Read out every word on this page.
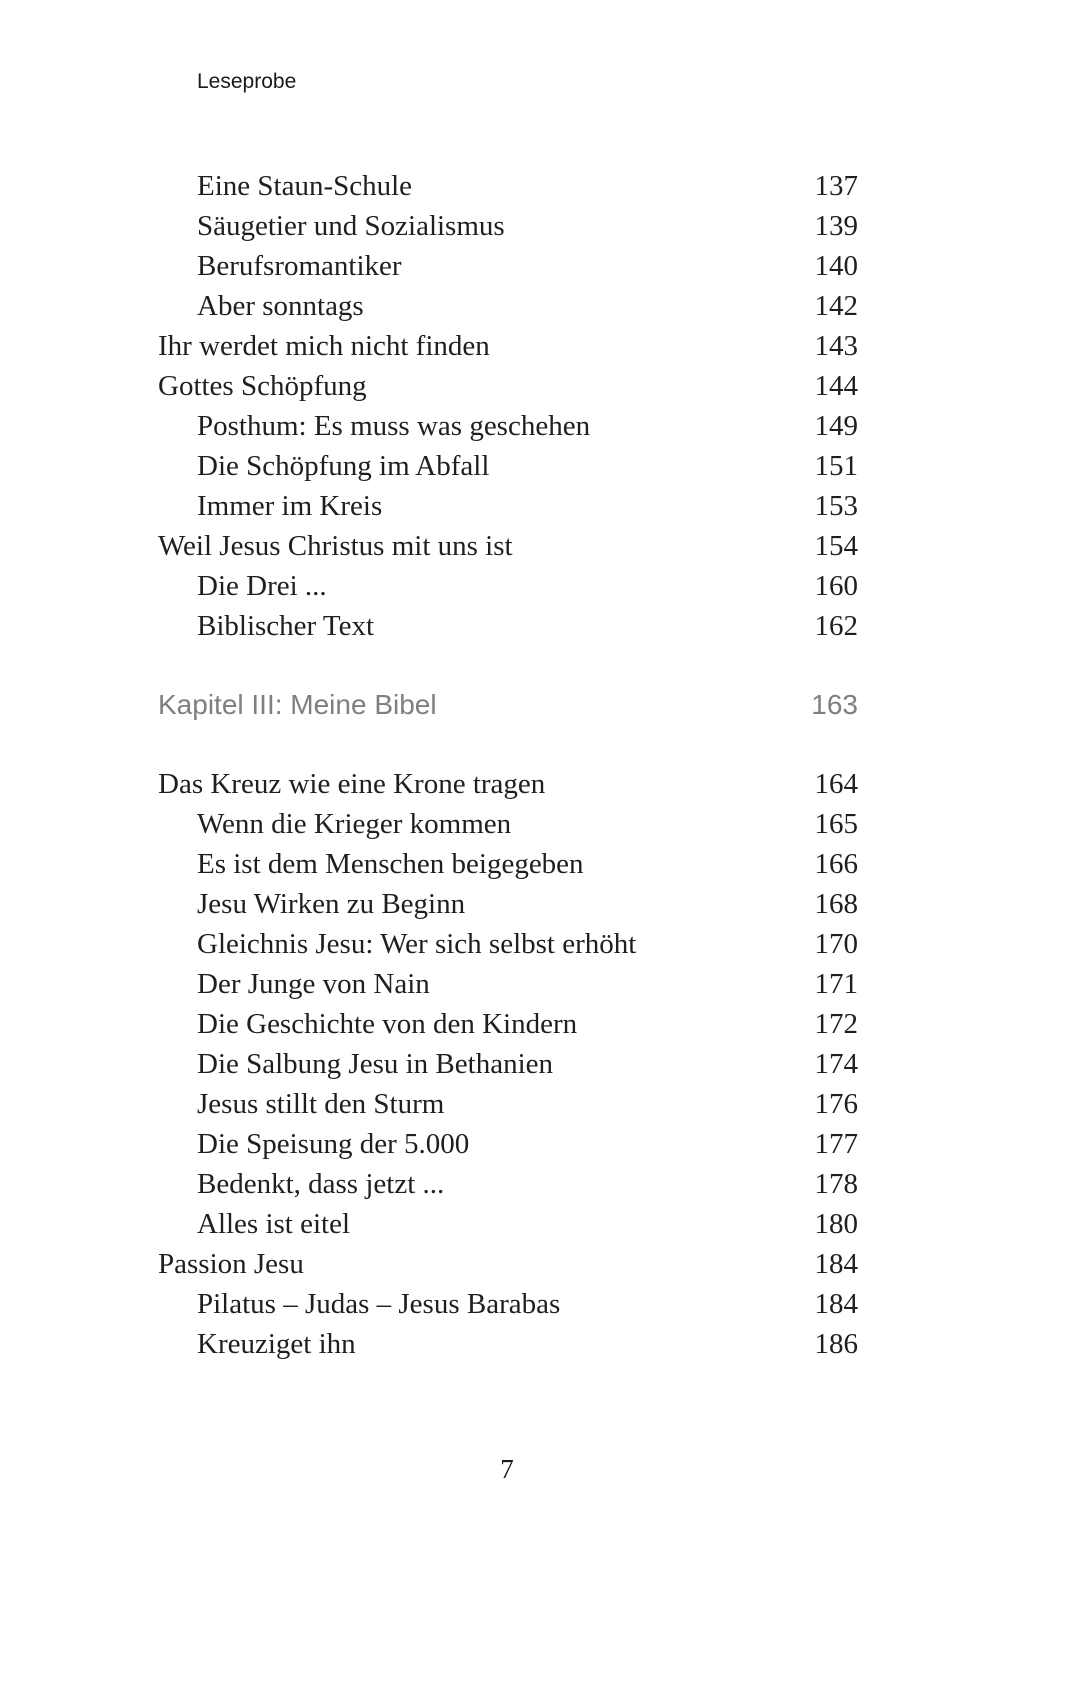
Leseprobe
Eine Staun-Schule	137
Säugetier und Sozialismus	139
Berufsromantiker	140
Aber sonntags	142
Ihr werdet mich nicht finden	143
Gottes Schöpfung	144
Posthum: Es muss was geschehen	149
Die Schöpfung im Abfall	151
Immer im Kreis	153
Weil Jesus Christus mit uns ist	154
Die Drei ...	160
Biblischer Text	162
Kapitel III: Meine Bibel	163
Das Kreuz wie eine Krone tragen	164
Wenn die Krieger kommen	165
Es ist dem Menschen beigegeben	166
Jesu Wirken zu Beginn	168
Gleichnis Jesu: Wer sich selbst erhöht	170
Der Junge von Nain	171
Die Geschichte von den Kindern	172
Die Salbung Jesu in Bethanien	174
Jesus stillt den Sturm	176
Die Speisung der 5.000	177
Bedenkt, dass jetzt ...	178
Alles ist eitel	180
Passion Jesu	184
Pilatus – Judas – Jesus Barabas	184
Kreuziget ihn	186
7
